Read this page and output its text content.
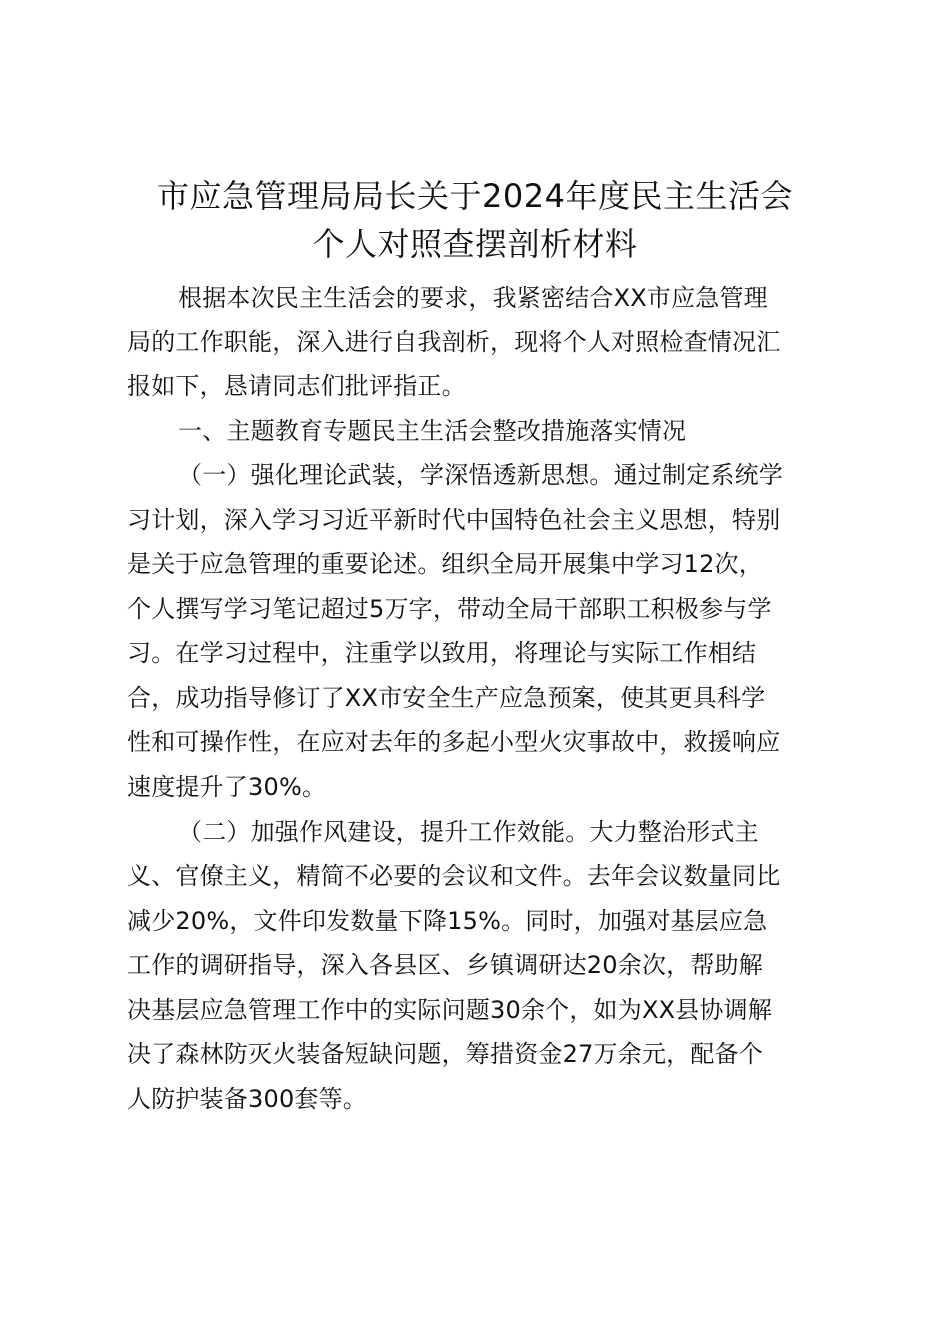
市应急管理局局长关于2024年度民主生活会
个人对照查摆剖析材料
根据本次民主生活会的要求，我紧密结合XX市应急管理
局的工作职能，深入进行自我剖析，现将个人对照检查情况汇
报如下，恳请同志们批评指正。
一、主题教育专题民主生活会整改措施落实情况
（一）强化理论武装，学深悟透新思想。通过制定系统学
习计划，深入学习习近平新时代中国特色社会主义思想，特别
是关于应急管理的重要论述。组织全局开展集中学习12次，
个人撰写学习笔记超过5万字，带动全局干部职工积极参与学
习。在学习过程中，注重学以致用，将理论与实际工作相结
合，成功指导修订了XX市安全生产应急预案，使其更具科学
性和可操作性，在应对去年的多起小型火灾事故中，救援响应
速度提升了30%。
（二）加强作风建设，提升工作效能。大力整治形式主
义、官僚主义，精简不必要的会议和文件。去年会议数量同比
减少20%，文件印发数量下降15%。同时，加强对基层应急
工作的调研指导，深入各县区、乡镇调研达20余次，帮助解
决基层应急管理工作中的实际问题30余个，如为XX县协调解
决了森林防灭火装备短缺问题，筹措资金27万余元，配备个
人防护装备300套等。
